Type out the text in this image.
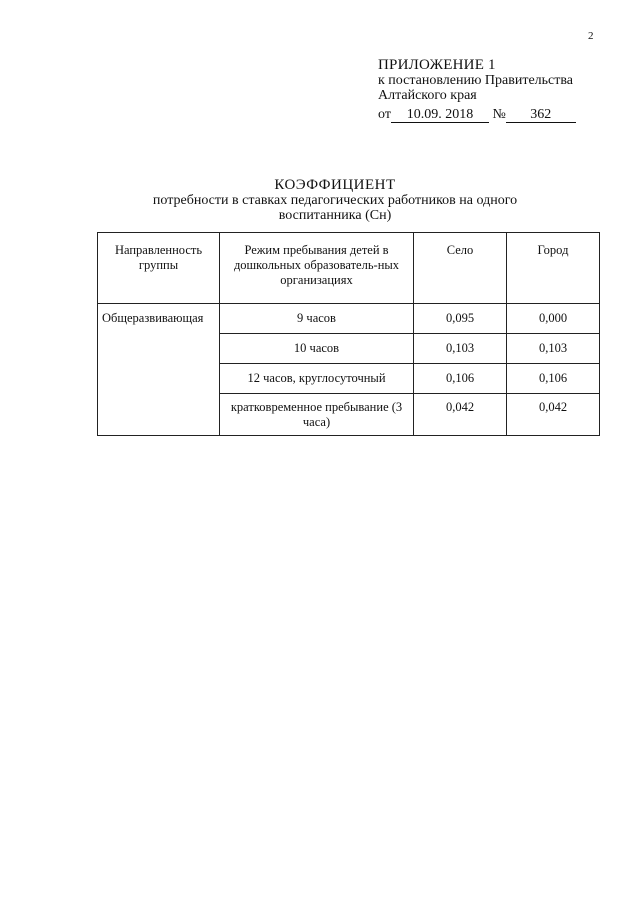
2
ПРИЛОЖЕНИЕ 1
к постановлению Правительства
Алтайского края
от 10.09. 2018 № 362
КОЭФФИЦИЕНТ
потребности в ставках педагогических работников на одного
воспитанника (Сн)
Направленность группы	Режим пребывания детей в дошкольных образователь-ных организациях	Село	Город
Общеразвивающая	9 часов	0,095	0,000
	10 часов	0,103	0,103
	12 часов, круглосуточный	0,106	0,106
	кратковременное пребывание (3 часа)	0,042	0,042
